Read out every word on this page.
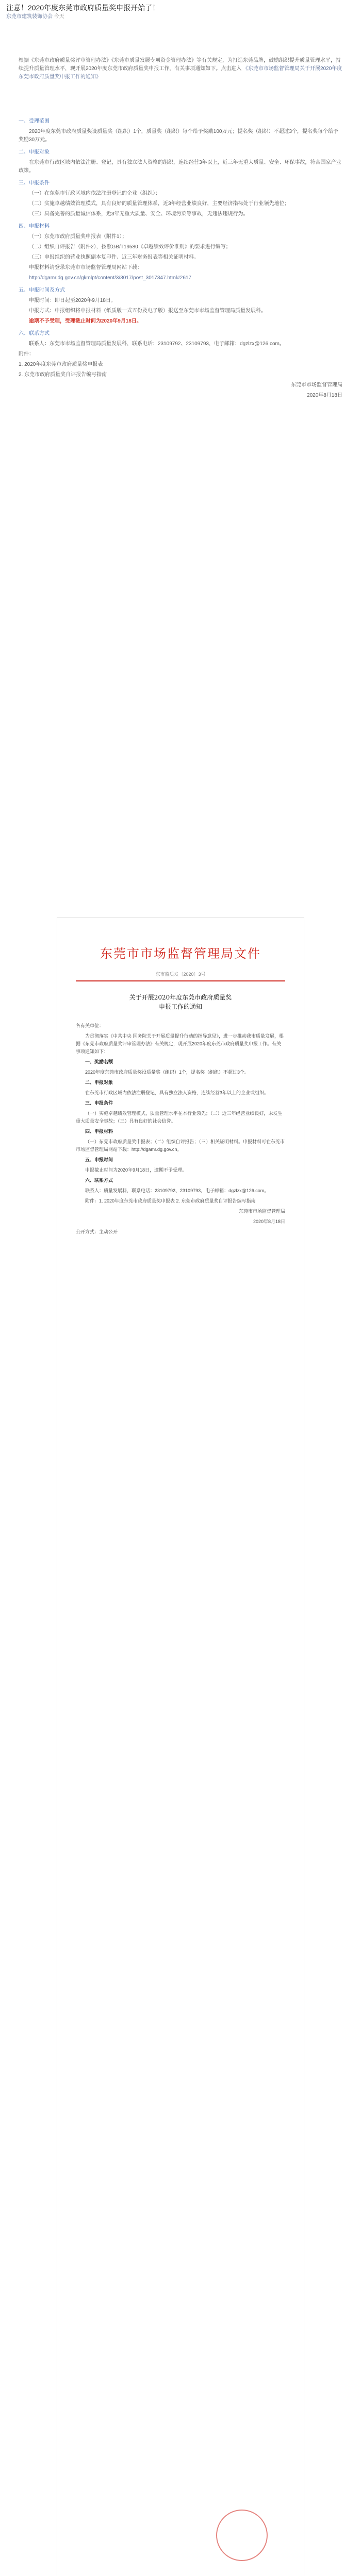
注意！2020年度东莞市政府质量奖申报开始了！
东莞市建筑装饰协会 今天
根据《东莞市政府质量奖评审管理办法》《东莞市质量发展专项资金管理办法》等有关规定，为打造东莞品牌，鼓励组织提升质量管理水平，持续提升质量管理水平，现开展2020年度东莞市政府质量奖申报工作，有关事项通知如下。点击进入 《东莞市市场监督管理局关于开展2020年度东莞市政府质量奖申报工作的通知》
一、受理范围

2020年度东莞市政府质量奖设质量奖（组织）1个，质量奖（组织）每个给予奖励100万元；提名奖（组织）不超过3个，提名奖每个给予奖励30万元。

二、申报对象

在东莞市行政区域内依法注册、登记，具有独立法人资格的组织，连续经营3年以上，近三年无重大质量、安全、环保事故，符合国家产业政策。

三、申报条件

（一）在东莞市行政区域内依法注册登记的企业（组织）；

（二）实施卓越绩效管理模式，具有良好的质量管理体系，近3年经营业绩良好，主要经济指标处于行业领先地位；

（三）具备完善的质量诚信体系，近3年无重大质量、安全、环境污染等事故，无违法违规行为。

四、申报材料

（一）东莞市政府质量奖申报表（附件1）；

（二）组织自评报告（附件2），按照GB/T19580《卓越绩效评价准则》的要求进行编写；

（三）申报组织的营业执照副本复印件、近三年财务报表等相关证明材料。

申报材料请登录东莞市市场监督管理局网站下载：

http://dgamr.dg.gov.cn/gkmlpt/content/3/3017/post_3017347.html#2617

五、申报时间及方式

申报时间：即日起至2020年9月18日。

申报方式：申报组织将申报材料（纸质版一式五份及电子版）报送至东莞市市场监督管理局质量发展科。

逾期不予受理，受理截止时间为2020年9月18日。

六、联系方式

联系人：东莞市市场监督管理局质量发展科，联系电话：23109792、23109793，电子邮箱：dgzlzx@126.com。

附件：

1. 2020年度东莞市政府质量奖申报表

2. 东莞市政府质量奖自评报告编写指南

东莞市市场监督管理局

2020年8月18日

东莞市市场监督管理局文件
东市监质发〔2020〕3号
关于开展2020年度东莞市政府质量奖
申报工作的通知

各有关单位：

为贯彻落实《中共中央 国务院关于开展质量提升行动的指导意见》，进一步推动我市质量发展，根据《东莞市政府质量奖评审管理办法》有关规定，现开展2020年度东莞市政府质量奖申报工作。有关事项通知如下：

一、奖励名额

2020年度东莞市政府质量奖设质量奖（组织）1个，提名奖（组织）不超过3个。

二、申报对象

在东莞市行政区域内依法注册登记，具有独立法人资格，连续经营3年以上的企业或组织。

三、申报条件

（一）实施卓越绩效管理模式，质量管理水平在本行业领先；（二）近三年经营业绩良好，未发生重大质量安全事故；（三）具有良好的社会信誉。

四、申报材料

（一）东莞市政府质量奖申报表；（二）组织自评报告；（三）相关证明材料。申报材料可在东莞市市场监督管理局网站下载：http://dgamr.dg.gov.cn。

五、申报时间

申报截止时间为2020年9月18日，逾期不予受理。

六、联系方式

联系人：质量发展科，联系电话：23109792、23109793，电子邮箱：dgzlzx@126.com。

附件：1. 2020年度东莞市政府质量奖申报表 2. 东莞市政府质量奖自评报告编写指南

东莞市市场监督管理局

2020年8月18日

公开方式：主动公开
